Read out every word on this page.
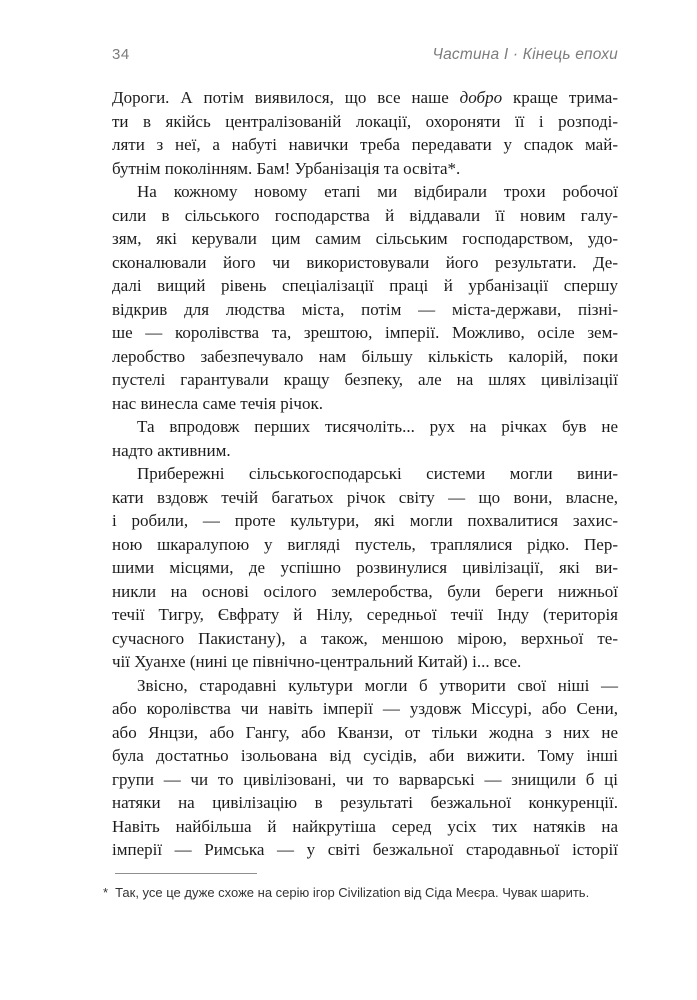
34	Частина I · Кінець епохи
Дороги. А потім виявилося, що все наше добро краще трима-
ти в якійсь централізованій локації, охороняти її і розподі-
ляти з неї, а набуті навички треба передавати у спадок май-
бутнім поколінням. Бам! Урбанізація та освіта*.
На кожному новому етапі ми відбирали трохи робочої
сили в сільського господарства й віддавали її новим галу-
зям, які керували цим самим сільським господарством, удо-
сконалювали його чи використовували його результати. Де-
далі вищий рівень спеціалізації праці й урбанізації спершу
відкрив для людства міста, потім — міста-держави, пізні-
ше — королівства та, зрештою, імперії. Можливо, осіле зем-
леробство забезпечувало нам більшу кількість калорій, поки
пустелі гарантували кращу безпеку, але на шлях цивілізації
нас винесла саме течія річок.
Та впродовж перших тисячоліть... рух на річках був не
надто активним.
Прибережні сільськогосподарські системи могли вини-
кати вздовж течій багатьох річок світу — що вони, власне,
і робили, — проте культури, які могли похвалитися захис-
ною шкаралупою у вигляді пустель, траплялися рідко. Пер-
шими місцями, де успішно розвинулися цивілізації, які ви-
никли на основі осілого землеробства, були береги нижньої
течії Тигру, Євфрату й Нілу, середньої течії Інду (територія
сучасного Пакистану), а також, меншою мірою, верхньої те-
чії Хуанхе (нині це північно-центральний Китай) і... все.
Звісно, стародавні культури могли б утворити свої ніші —
або королівства чи навіть імперії — уздовж Міссурі, або Сени,
або Янцзи, або Гангу, або Кванзи, от тільки жодна з них не
була достатньо ізольована від сусідів, аби вижити. Тому інші
групи — чи то цивілізовані, чи то варварські — знищили б ці
натяки на цивілізацію в результаті безжальної конкуренції.
Навіть найбільша й найкрутіша серед усіх тих натяків на
імперії — Римська — у світі безжальної стародавньої історії
* Так, усе це дуже схоже на серію ігор Civilization від Сіда Меєра. Чувак шарить.
